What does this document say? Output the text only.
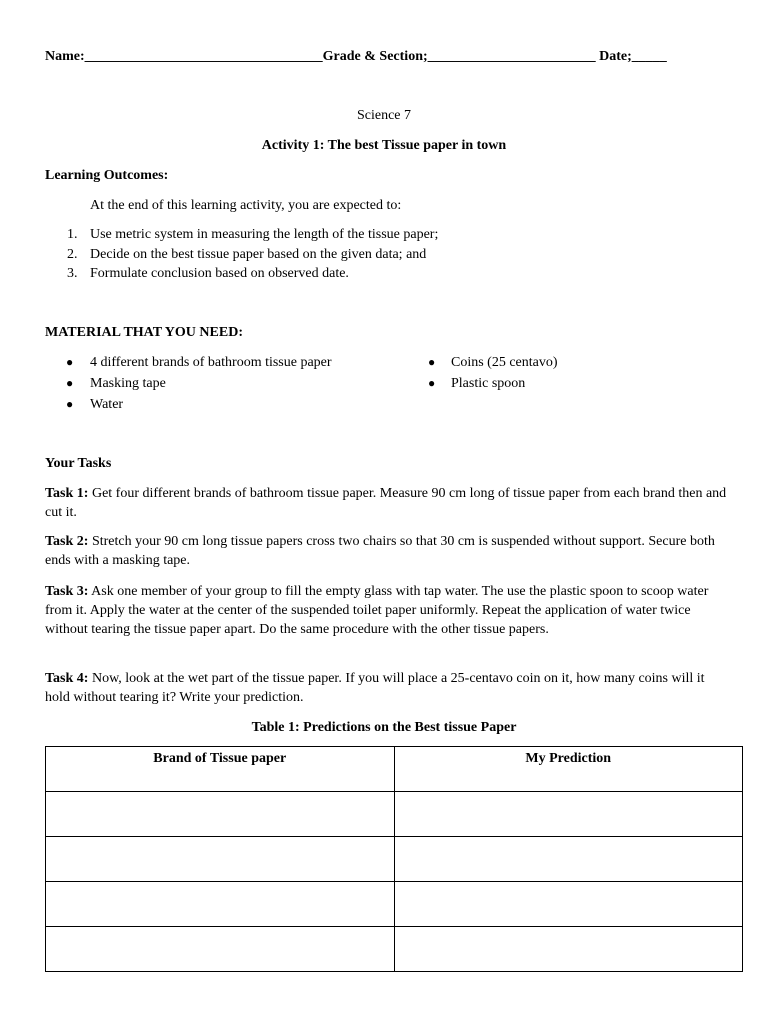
Name:__________________________________Grade & Section;________________________ Date;_____
Science 7
Activity 1: The best Tissue paper in town
Learning Outcomes:
At the end of this learning activity, you are expected to:
1. Use metric system in measuring the length of the tissue paper;
2. Decide on the best tissue paper based on the given data; and
3. Formulate conclusion based on observed date.
MATERIAL THAT YOU NEED:
● 4 different brands of bathroom tissue paper
● Masking tape
● Water
● Coins (25 centavo)
● Plastic spoon
Your Tasks

Task 1: Get four different brands of bathroom tissue paper. Measure 90 cm long of tissue paper from each brand then and cut it.

Task 2: Stretch your 90 cm long tissue papers cross two chairs so that 30 cm is suspended without support. Secure both ends with a masking tape.

Task 3: Ask one member of your group to fill the empty glass with tap water. The use the plastic spoon to scoop water from it. Apply the water at the center of the suspended toilet paper uniformly. Repeat the application of water twice without tearing the tissue paper apart. Do the same procedure with the other tissue papers.

Task 4: Now, look at the wet part of the tissue paper. If you will place a 25-centavo coin on it, how many coins will it hold without tearing it? Write your prediction.

Table 1: Predictions on the Best tissue Paper
Brand of Tissue paper	My Prediction
